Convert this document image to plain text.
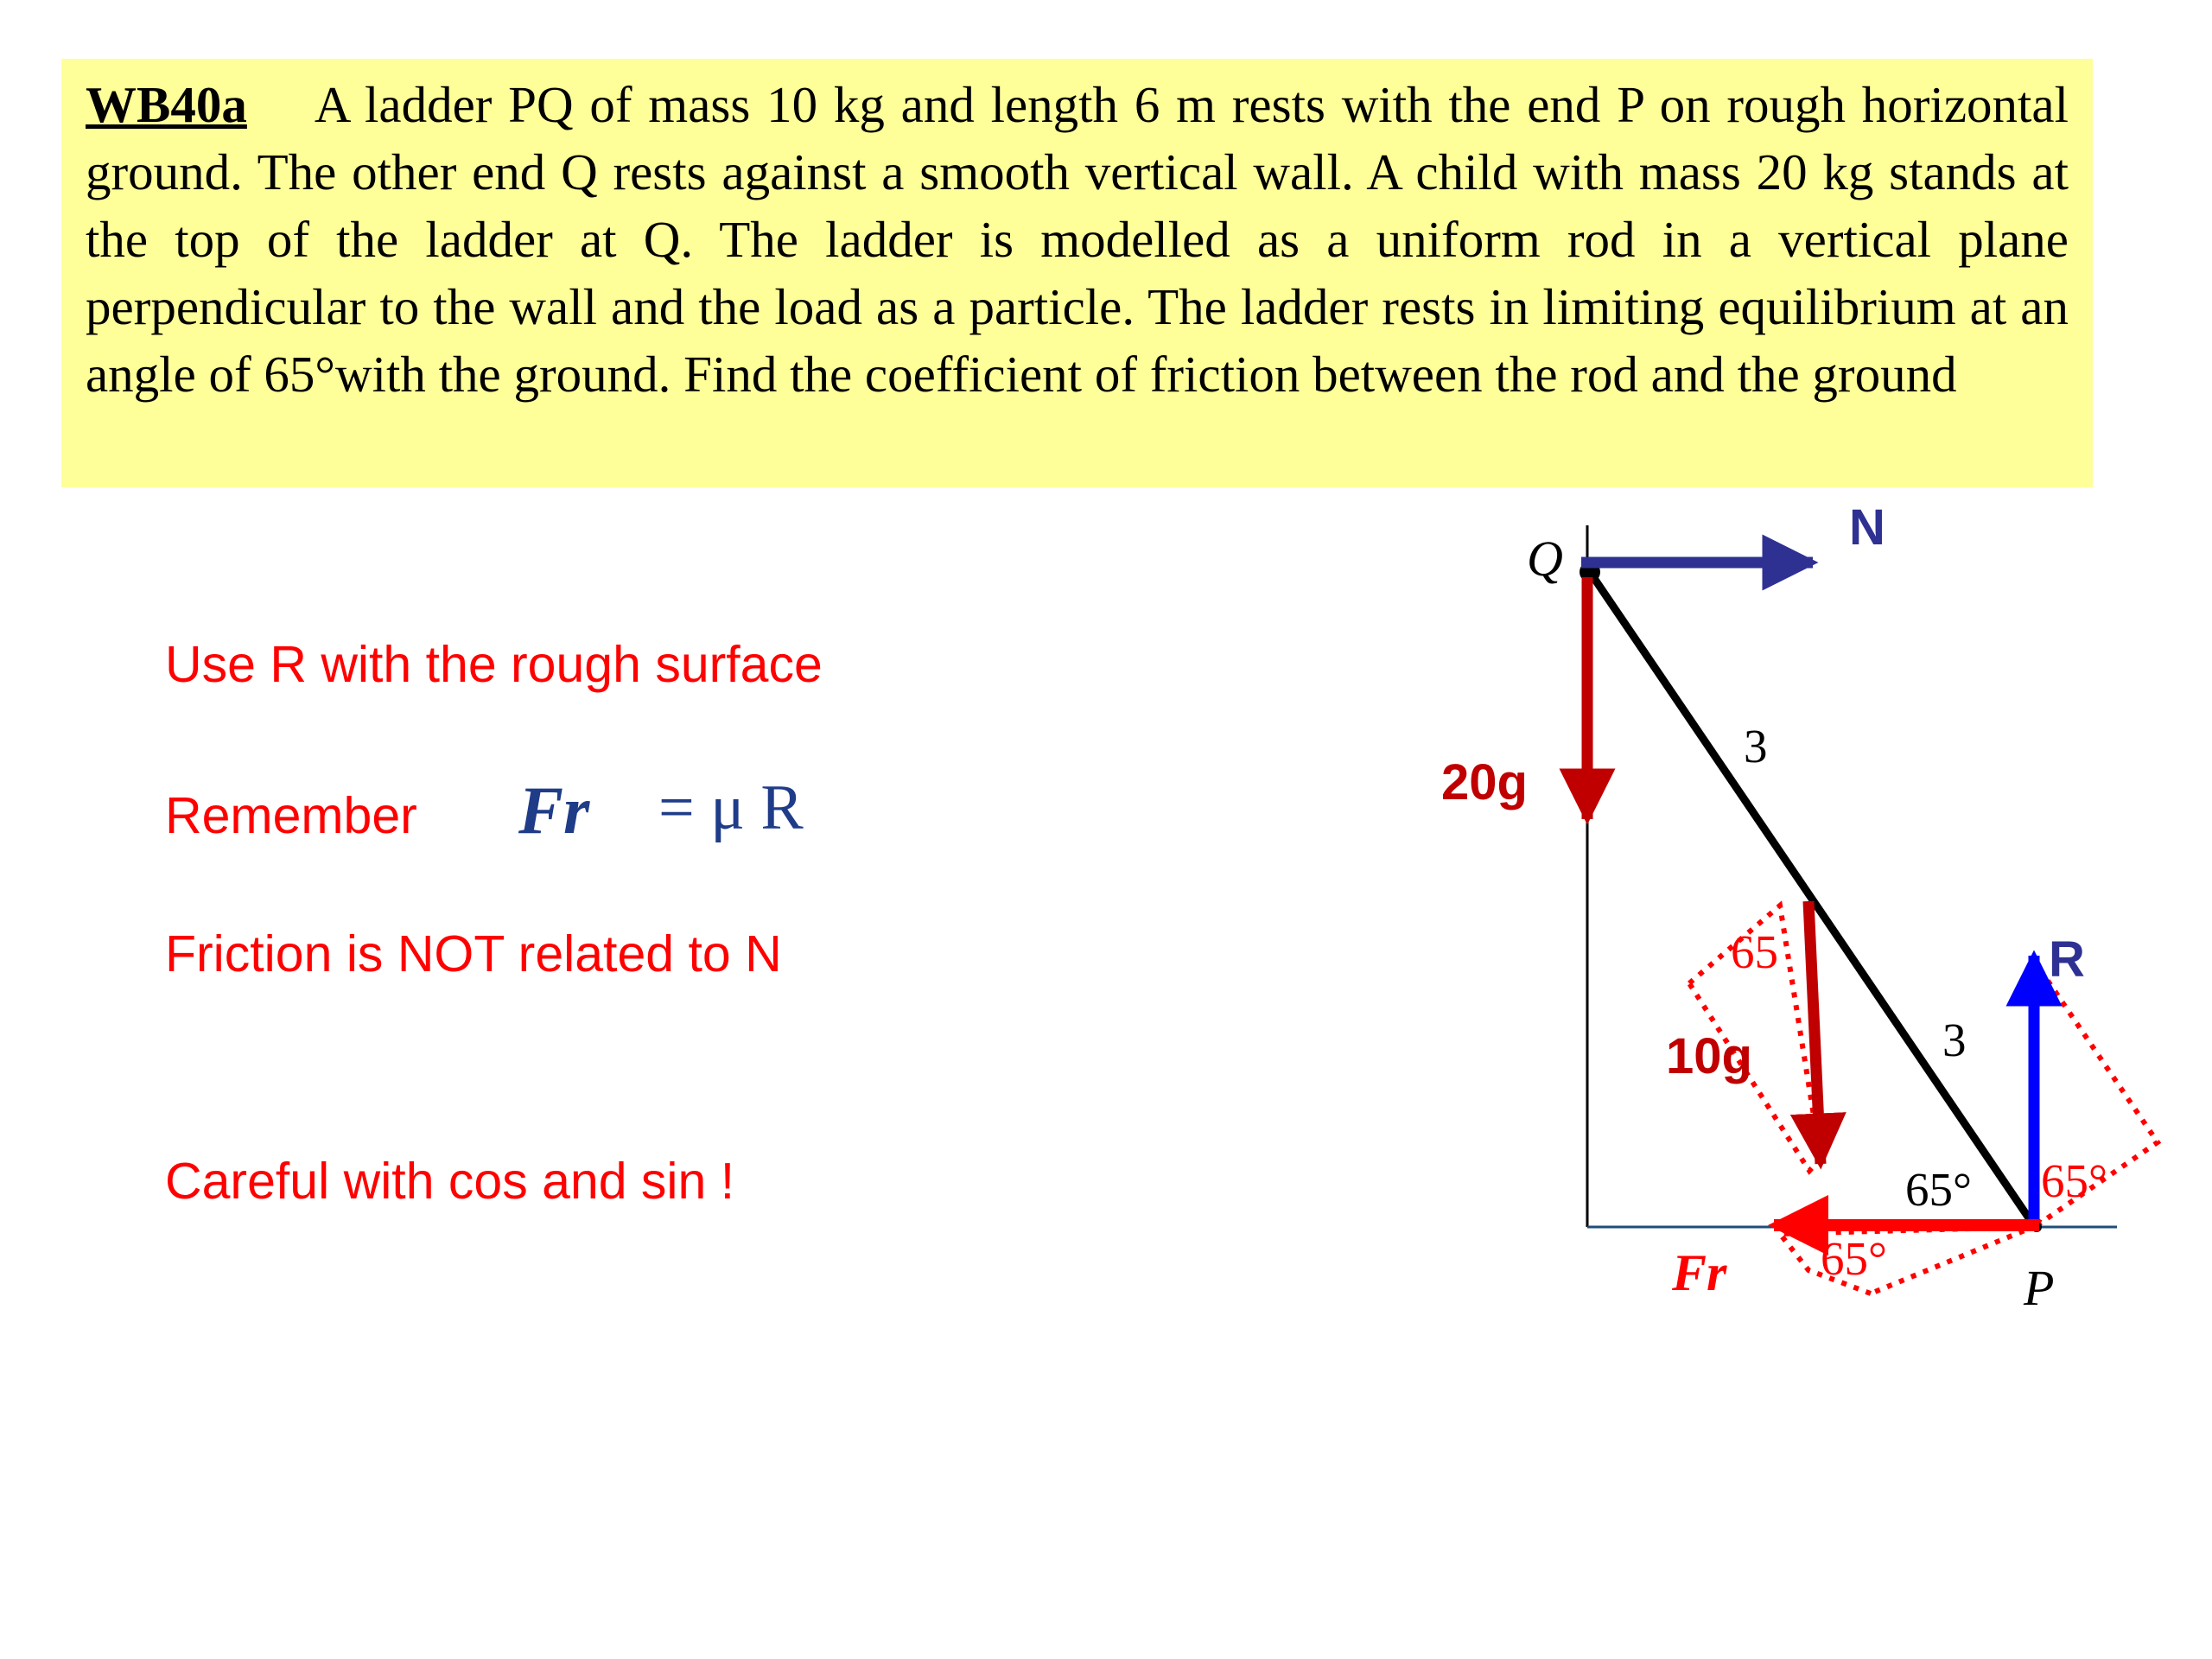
WB40a A ladder PQ of mass 10 kg and length 6 m rests with the end P on rough horizontal ground. The other end Q rests against a smooth vertical wall. A child with mass 20 kg stands at the top of the ladder at Q. The ladder is modelled as a uniform rod in a vertical plane perpendicular to the wall and the load as a particle. The ladder rests in limiting equilibrium at an angle of 65°with the ground. Find the coefficient of friction between the rod and the ground
Use R with the rough surface
Remember
Friction is NOT related to N
Careful with cos and sin !
Fr = μ R
Q
P
N
R
20g
10g
Fr
3
3
65°
65
65°
65°
